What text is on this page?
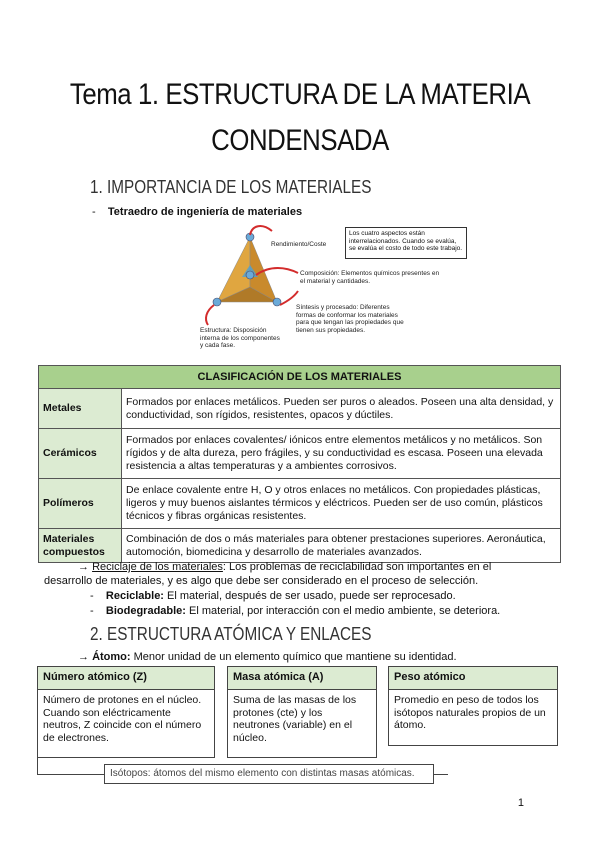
Tema 1. ESTRUCTURA DE LA MATERIA
CONDENSADA
1. IMPORTANCIA DE LOS MATERIALES
-    Tetraedro de ingeniería de materiales
Rendimiento/Coste
Los cuatro aspectos están interrelacionados. Cuando se evalúa, se evalúa el costo de todo este trabajo.
Composición: Elementos químicos presentes en el material y cantidades.
Síntesis y procesado: Diferentes formas de conformar los materiales para que tengan las propiedades que tienen sus propiedades.
Estructura: Disposición interna de los componentes y cada fase.
CLASIFICACIÓN DE LOS MATERIALES	
Metales	Formados por enlaces metálicos. Pueden ser puros o aleados. Poseen una alta densidad, y conductividad, son rígidos, resistentes, opacos y dúctiles.
Cerámicos	Formados por enlaces covalentes/ iónicos entre elementos metálicos y no metálicos. Son rígidos y de alta dureza, pero frágiles, y su conductividad es escasa. Poseen una elevada resistencia a altas temperaturas y a ambientes corrosivos.
Polímeros	De enlace covalente entre H, O y otros enlaces no metálicos. Con propiedades plásticas, ligeros y muy buenos aislantes térmicos y eléctricos. Pueden ser de uso común, plásticos técnicos y fibras orgánicas resistentes.
Materiales compuestos	Combinación de dos o más materiales para obtener prestaciones superiores. Aeronáutica, automoción, biomedicina y desarrollo de materiales avanzados.
→ Reciclaje de los materiales: Los problemas de reciclabilidad son importantes en el
desarrollo de materiales, y es algo que debe ser considerado en el proceso de selección.
-    Reciclable: El material, después de ser usado, puede ser reprocesado.
-    Biodegradable: El material, por interacción con el medio ambiente, se deteriora.
2. ESTRUCTURA ATÓMICA Y ENLACES
→ Átomo: Menor unidad de un elemento químico que mantiene su identidad.
Número atómico (Z)
Número de protones en el núcleo. Cuando son eléctricamente neutros, Z coincide con el número de electrones.
Masa atómica (A)
Suma de las masas de los protones (cte) y los neutrones (variable) en el núcleo.
Peso atómico
Promedio en peso de todos los isótopos naturales propios de un átomo.
Isótopos: átomos del mismo elemento con distintas masas atómicas.
1
